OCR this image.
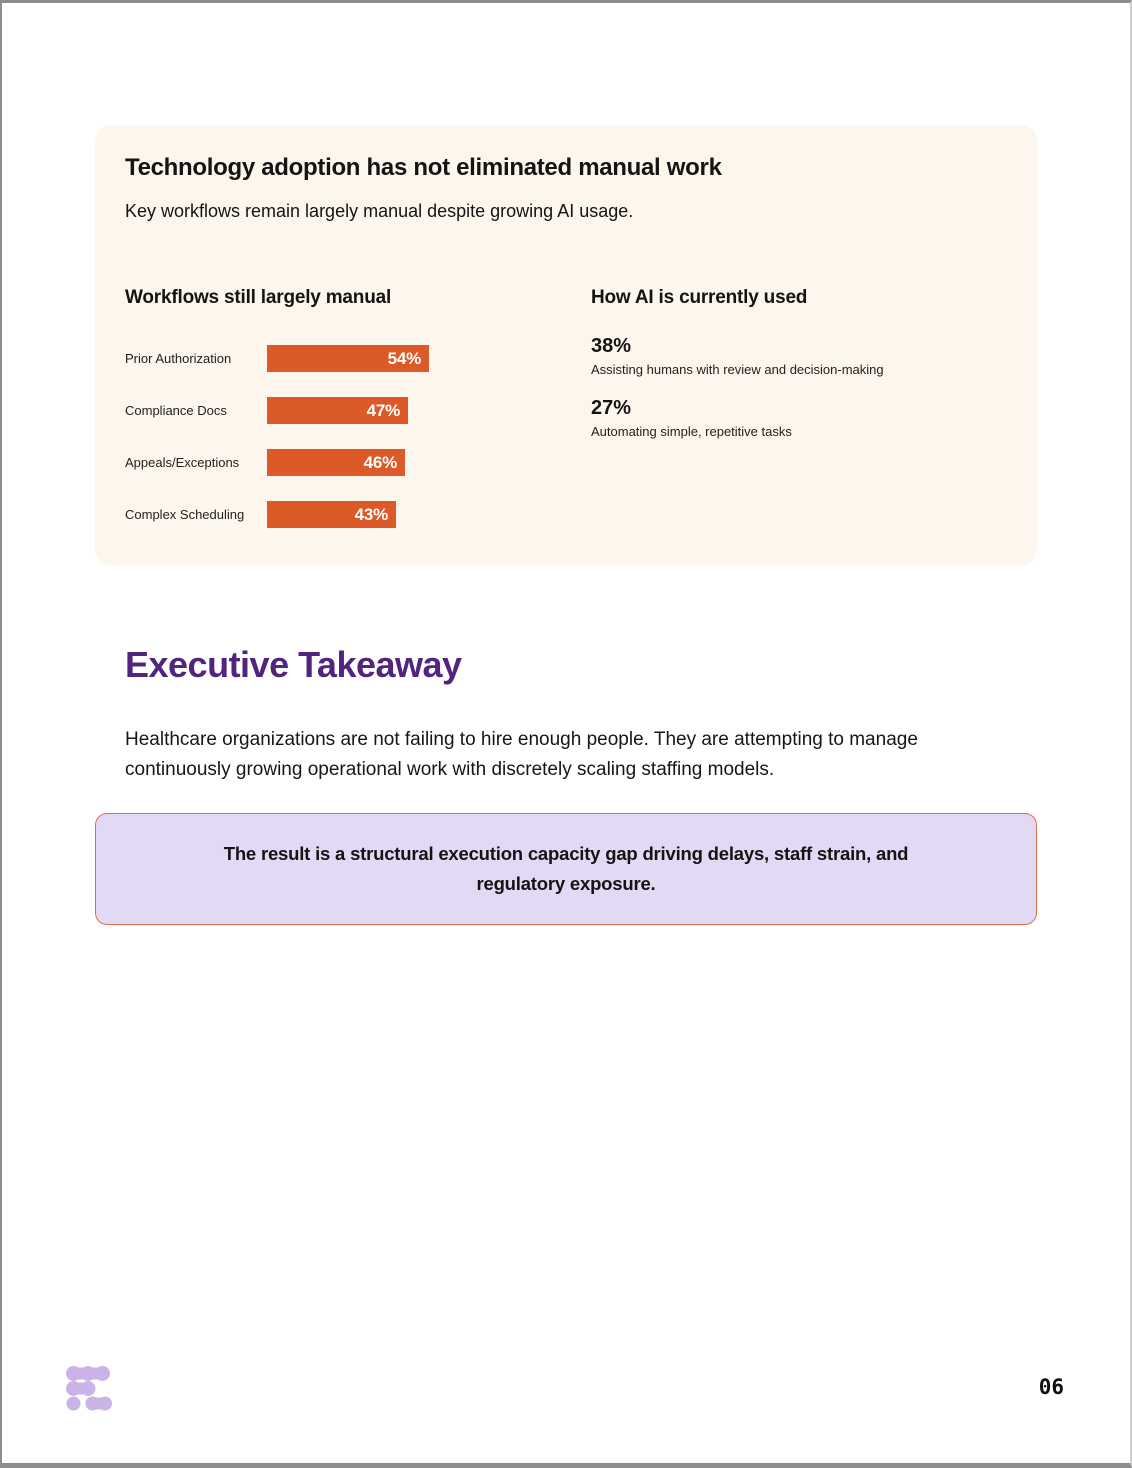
Technology adoption has not eliminated manual work

Key workflows remain largely manual despite growing AI usage.

Workflows still largely manual
Prior Authorization	54%
Compliance Docs	47%
Appeals/Exceptions	46%
Complex Scheduling	43%
How AI is currently used
38%
Assisting humans with review and decision-making
27%
Automating simple, repetitive tasks
Executive Takeaway

Healthcare organizations are not failing to hire enough people. They are attempting to manage continuously growing operational work with discretely scaling staffing models.

The result is a structural execution capacity gap driving delays, staff strain, and regulatory exposure.

06
